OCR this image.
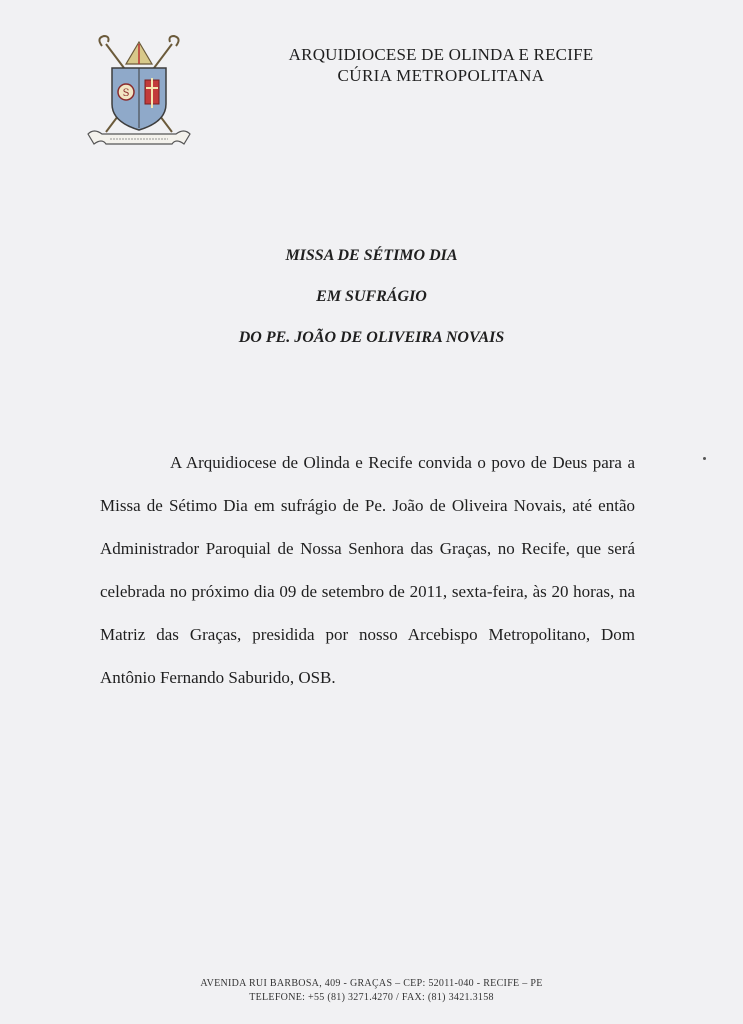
S
ARQUIDIOCESE DE OLINDA E RECIFE
CÚRIA METROPOLITANA
MISSA DE SÉTIMO DIA
EM SUFRÁGIO
DO PE. JOÃO DE OLIVEIRA NOVAIS

A Arquidiocese de Olinda e Recife convida o povo de Deus para a Missa de Sétimo Dia em sufrágio de Pe. João de Oliveira Novais, até então Administrador Paroquial de Nossa Senhora das Graças, no Recife, que será celebrada no próximo dia 09 de setembro de 2011, sexta-feira, às 20 horas, na Matriz das Graças, presidida por nosso Arcebispo Metropolitano, Dom Antônio Fernando Saburido, OSB.

AVENIDA RUI BARBOSA, 409 - GRAÇAS – CEP: 52011-040 - RECIFE – PE
TELEFONE: +55 (81) 3271.4270 / FAX: (81) 3421.3158
